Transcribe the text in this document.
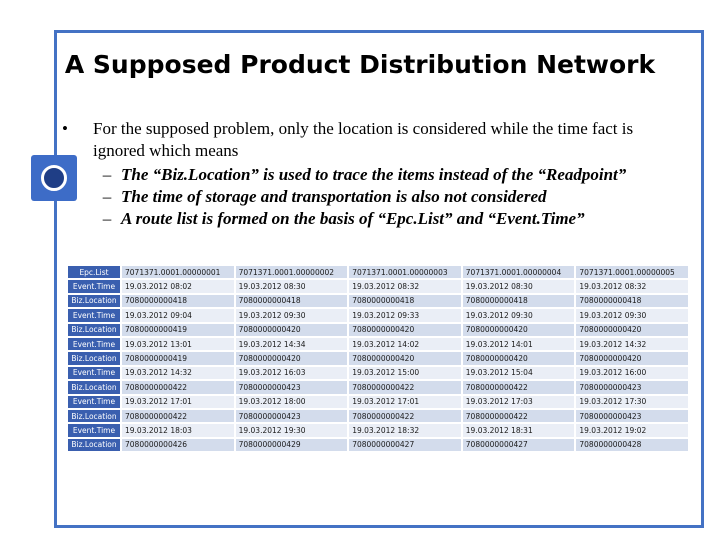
A Supposed Product Distribution Network
•	For the supposed problem, only the location is considered while the time fact is ignored which means
– The “Biz.Location” is used to trace the items instead of the “Readpoint”
– The time of storage and transportation is also not considered
– A route list is formed on the basis of “Epc.List” and “Event.Time”
Epc.List	7071371.0001.00000001	7071371.0001.00000002	7071371.0001.00000003	7071371.0001.00000004	7071371.0001.00000005
Event.Time	19.03.2012 08:02	19.03.2012 08:30	19.03.2012 08:32	19.03.2012 08:30	19.03.2012 08:32
Biz.Location	7080000000418	7080000000418	7080000000418	7080000000418	7080000000418
Event.Time	19.03.2012 09:04	19.03.2012 09:30	19.03.2012 09:33	19.03.2012 09:30	19.03.2012 09:30
Biz.Location	7080000000419	7080000000420	7080000000420	7080000000420	7080000000420
Event.Time	19.03.2012 13:01	19.03.2012 14:34	19.03.2012 14:02	19.03.2012 14:01	19.03.2012 14:32
Biz.Location	7080000000419	7080000000420	7080000000420	7080000000420	7080000000420
Event.Time	19.03.2012 14:32	19.03.2012 16:03	19.03.2012 15:00	19.03.2012 15:04	19.03.2012 16:00
Biz.Location	7080000000422	7080000000423	7080000000422	7080000000422	7080000000423
Event.Time	19.03.2012 17:01	19.03.2012 18:00	19.03.2012 17:01	19.03.2012 17:03	19.03.2012 17:30
Biz.Location	7080000000422	7080000000423	7080000000422	7080000000422	7080000000423
Event.Time	19.03.2012 18:03	19.03.2012 19:30	19.03.2012 18:32	19.03.2012 18:31	19.03.2012 19:02
Biz.Location	7080000000426	7080000000429	7080000000427	7080000000427	7080000000428
